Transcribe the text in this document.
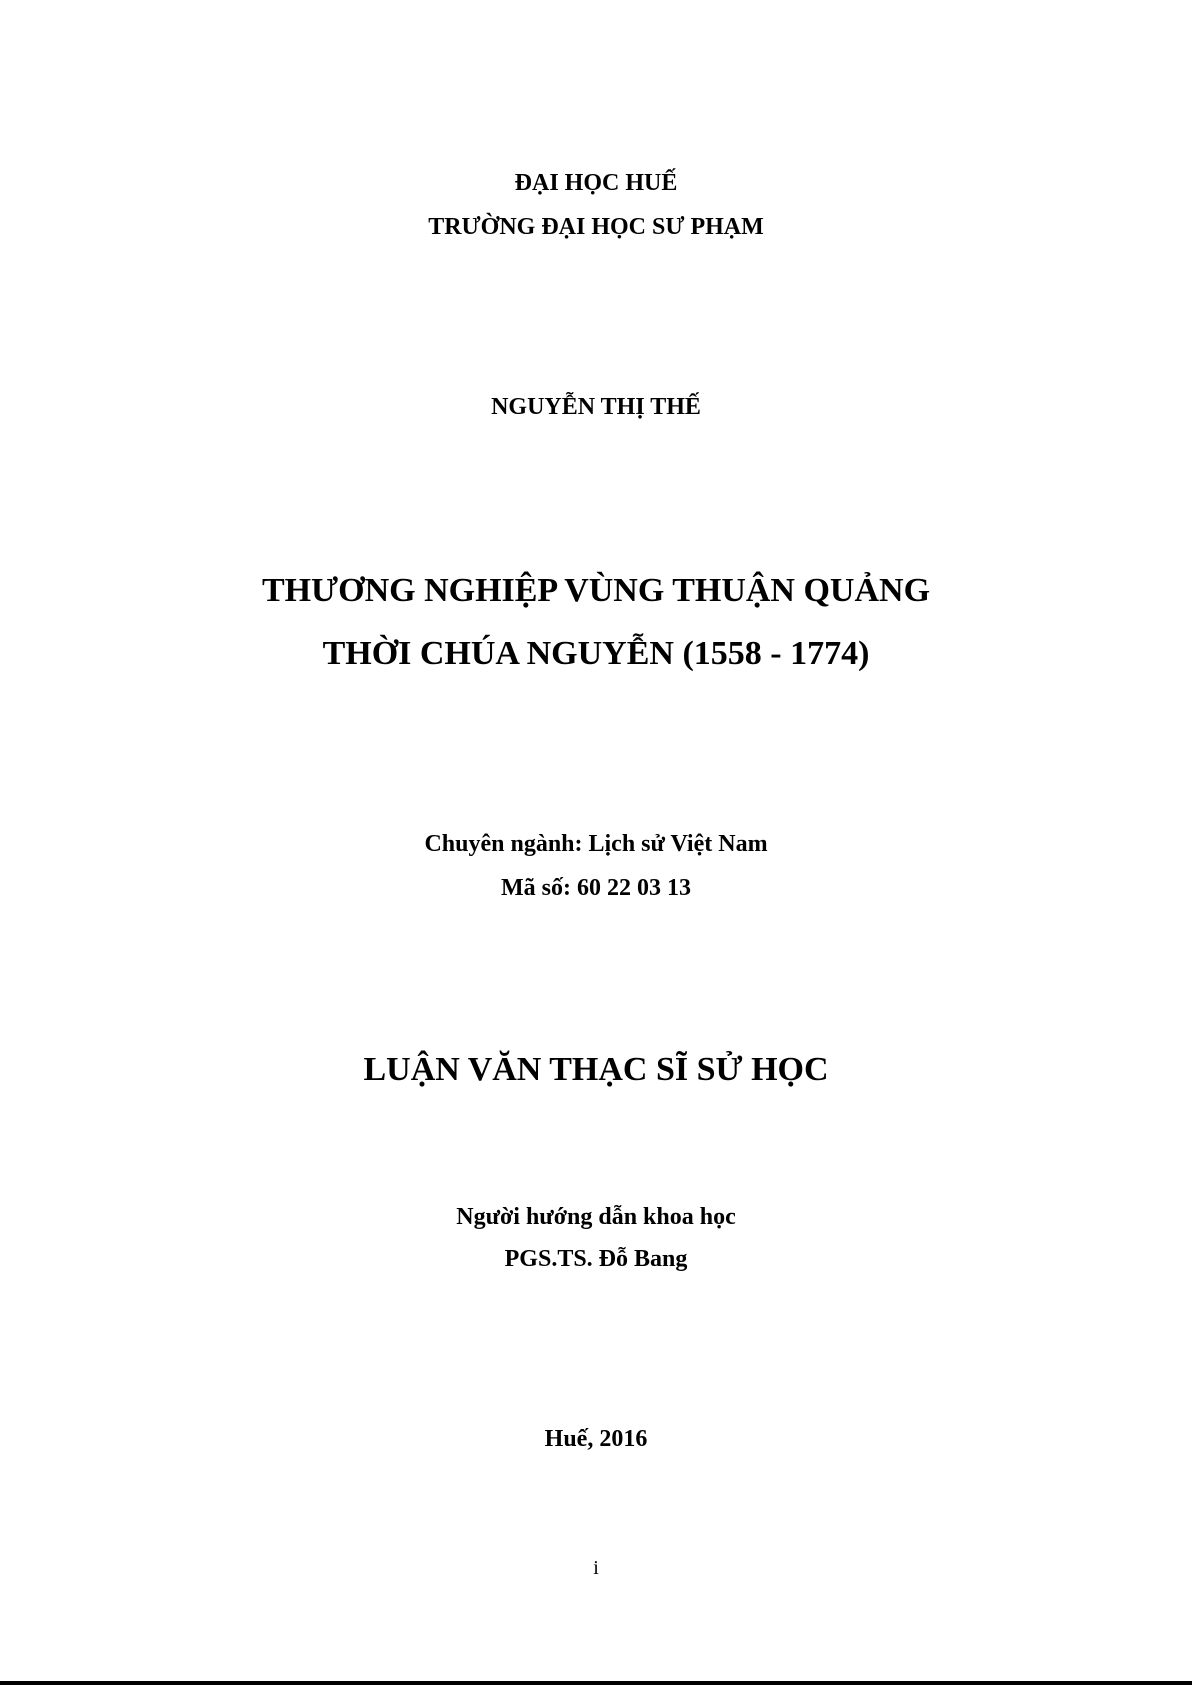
ĐẠI HỌC HUẾ
TRƯỜNG ĐẠI HỌC SƯ PHẠM
NGUYỄN THỊ THẾ
THƯƠNG NGHIỆP VÙNG THUẬN QUẢNG
THỜI CHÚA NGUYỄN (1558 - 1774)
Chuyên ngành: Lịch sử Việt Nam
Mã số: 60 22 03 13
LUẬN VĂN THẠC SĨ SỬ HỌC
Người hướng dẫn khoa học
PGS.TS. Đỗ Bang
Huế, 2016
i
